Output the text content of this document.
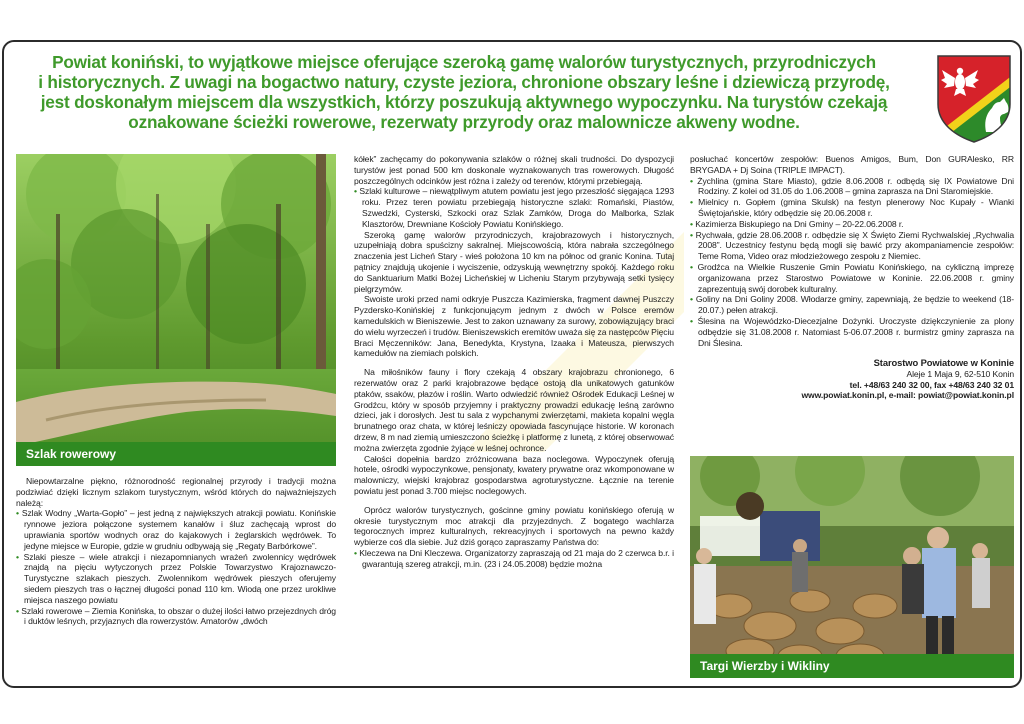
Powiat koniński, to wyjątkowe miejsce oferujące szeroką gamę walorów turystycznych, przyrodniczych
i historycznych. Z uwagi na bogactwo natury, czyste jeziora, chronione obszary leśne i dziewiczą przyrodę,
jest doskonałym miejscem dla wszystkich, którzy poszukują aktywnego wypoczynku. Na turystów czekają
oznakowane ścieżki rowerowe, rezerwaty przyrody oraz malownicze akweny wodne.
Szlak rowerowy

Niepowtarzalne piękno, różnorodność regionalnej przyrody i tradycji można podziwiać dzięki licznym szlakom turystycznym, wśród których do najważniejszych należą:

• Szlak Wodny „Warta-Gopło” – jest jedną z największych atrakcji powiatu. Konińskie rynnowe jeziora połączone systemem kanałów i śluz zachęcają wprost do uprawiania sportów wodnych oraz do kajakowych i żeglarskich wędrówek. To jedyne miejsce w Europie, gdzie w grudniu odbywają się „Regaty Barbórkowe”.

• Szlaki piesze – wiele atrakcji i niezapomnianych wrażeń zwolennicy wędrówek znajdą na pięciu wytyczonych przez Polskie Towarzystwo Krajoznawczo-Turystyczne szlakach pieszych. Zwolennikom wędrówek pieszych oferujemy siedem pieszych tras o łącznej długości ponad 110 km. Wiodą one przez urokliwe miejsca naszego powiatu

• Szlaki rowerowe – Ziemia Konińska, to obszar o dużej ilości łatwo przejezdnych dróg i duktów leśnych, przyjaznych dla rowerzystów. Amatorów „dwóch

kółek” zachęcamy do pokonywania szlaków o różnej skali trudności. Do dyspozycji turystów jest ponad 500 km doskonale wyznakowanych tras rowerowych. Długość poszczególnych odcinków jest różna i zależy od terenów, którymi przebiegają.

• Szlaki kulturowe – niewątpliwym atutem powiatu jest jego przeszłość sięgająca 1293 roku. Przez teren powiatu przebiegają historyczne szlaki: Romański, Piastów, Szwedzki, Cysterski, Szkocki oraz Szlak Zamków, Droga do Malborka, Szlak Klasztorów, Drewniane Kościoły Powiatu Konińskiego.

Szeroką gamę walorów przyrodniczych, krajobrazowych i historycznych, uzupełniają dobra spuścizny sakralnej. Miejscowością, która nabrała szczególnego znaczenia jest Licheń Stary - wieś położona 10 km na północ od granic Konina. Tutaj pątnicy znajdują ukojenie i wyciszenie, odzyskują wewnętrzny spokój. Każdego roku do Sanktuarium Matki Bożej Licheńskiej w Licheniu Starym przybywają setki tysięcy pielgrzymów.

Swoiste uroki przed nami odkryje Puszcza Kazimierska, fragment dawnej Puszczy Pyzdersko-Konińskiej z funkcjonującym jednym z dwóch w Polsce eremów kamedulskich w Bieniszewie. Jest to zakon uznawany za surowy, zobowiązujący braci do wielu wyrzeczeń i trudów. Bieniszewskich eremitów uważa się za następców Pięciu Braci Męczenników: Jana, Benedykta, Krystyna, Izaaka i Mateusza, pierwszych kamedułów na ziemiach polskich.

Na miłośników fauny i flory czekają 4 obszary krajobrazu chronionego, 6 rezerwatów oraz 2 parki krajobrazowe będące ostoją dla unikatowych gatunków ptaków, ssaków, płazów i roślin. Warto odwiedzić również Ośrodek Edukacji Leśnej w Grodźcu, który w sposób przyjemny i praktyczny prowadzi edukację leśną zarówno dzieci, jak i dorosłych. Jest tu sala z wypchanymi zwierzętami, makieta kopalni węgla brunatnego oraz chata, w której leśniczy opowiada fascynujące historie. W koronach drzew, 8 m nad ziemią umieszczono ścieżkę i platformę z lunetą, z której obserwować można zwierzęta zgodnie żyjące w leśnej ochronce.

Całości dopełnia bardzo zróżnicowana baza noclegowa. Wypoczynek oferują hotele, ośrodki wypoczynkowe, pensjonaty, kwatery prywatne oraz wkomponowane w malowniczy, wiejski krajobraz gospodarstwa agroturystyczne. Łącznie na terenie powiatu jest ponad 3.700 miejsc noclegowych.

Oprócz walorów turystycznych, gościnne gminy powiatu konińskiego oferują w okresie turystycznym moc atrakcji dla przyjezdnych. Z bogatego wachlarza tegorocznych imprez kulturalnych, rekreacyjnych i sportowych na pewno każdy wybierze coś dla siebie. Już dziś gorąco zapraszamy Państwa do:

• Kleczewa na Dni Kleczewa. Organizatorzy zapraszają od 21 maja do 2 czerwca b.r. i gwarantują szereg atrakcji, m.in. (23 i 24.05.2008) będzie można

posłuchać koncertów zespołów: Buenos Amigos, Bum, Don GURAlesko, RR BRYGADA + Dj Soina (TRIPLE IMPACT).

• Żychlina (gmina Stare Miasto), gdzie 8.06.2008 r. odbędą się IX Powiatowe Dni Rodziny. Z kolei od 31.05 do 1.06.2008 – gmina zaprasza na Dni Staromiejskie.

• Mielnicy n. Gopłem (gmina Skulsk) na festyn plenerowy Noc Kupały - Wianki Świętojańskie, który odbędzie się 20.06.2008 r.

• Kazimierza Biskupiego na Dni Gminy – 20-22.06.2008 r.

• Rychwała, gdzie 28.06.2008 r. odbędzie się X Święto Ziemi Rychwalskiej „Rychwalia 2008”. Uczestnicy festynu będą mogli się bawić przy akompaniamencie zespołów: Teme Roma, Video oraz młodzieżowego zespołu z Niemiec.

• Grodźca na Wielkie Ruszenie Gmin Powiatu Konińskiego, na cykliczną imprezę organizowana przez Starostwo Powiatowe w Koninie. 22.06.2008 r. gminy zaprezentują swój dorobek kulturalny.

• Goliny na Dni Goliny 2008. Włodarze gminy, zapewniają, że będzie to weekend (18-20.07.) pełen atrakcji.

• Ślesina na Wojewódzko-Diecezjalne Dożynki. Uroczyste dziękczynienie za plony odbędzie się 31.08.2008 r. Natomiast 5-06.07.2008 r. burmistrz gminy zaprasza na Dni Ślesina.

Starostwo Powiatowe w Koninie
Aleje 1 Maja 9, 62-510 Konin
tel. +48/63 240 32 00, fax +48/63 240 32 01
www.powiat.konin.pl, e-mail: powiat@powiat.konin.pl
Targi Wierzby i Wikliny
